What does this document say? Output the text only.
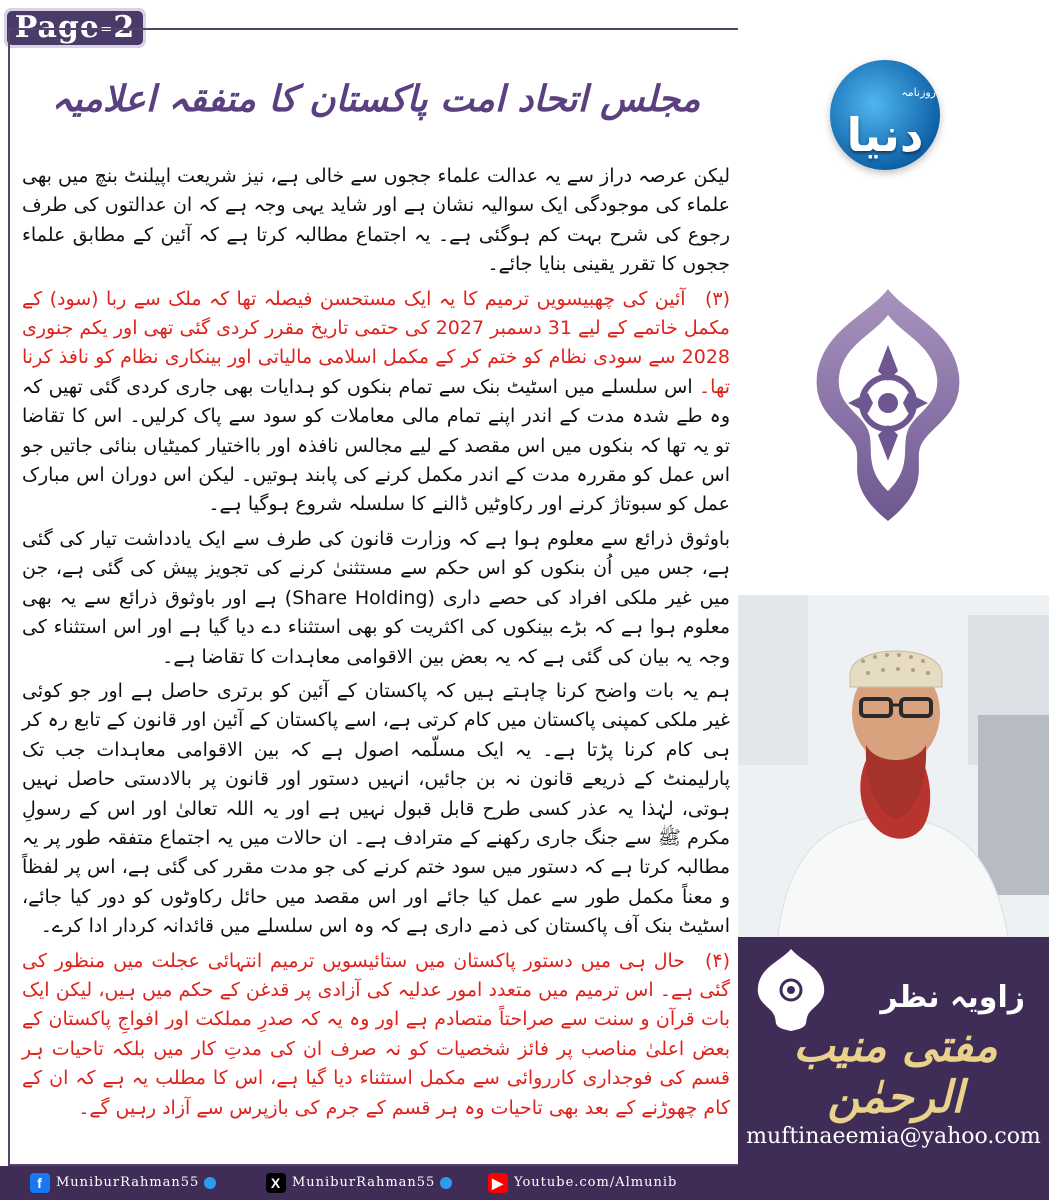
Page-2
مجلس اتحاد امت پاکستان کا متفقہ اعلامیہ

لیکن عرصہ دراز سے یہ عدالت علماء ججوں سے خالی ہے، نیز شریعت اپیلنٹ بنچ میں بھی علماء کی موجودگی ایک سوالیہ نشان ہے اور شاید یہی وجہ ہے کہ ان عدالتوں کی طرف رجوع کی شرح بہت کم ہوگئی ہے۔ یہ اجتماع مطالبہ کرتا ہے کہ آئین کے مطابق علماء ججوں کا تقرر یقینی بنایا جائے۔

(۳) آئین کی چھبیسویں ترمیم کا یہ ایک مستحسن فیصلہ تھا کہ ملک سے ربا (سود) کے مکمل خاتمے کے لیے 31 دسمبر 2027 کی حتمی تاریخ مقرر کردی گئی تھی اور یکم جنوری 2028 سے سودی نظام کو ختم کر کے مکمل اسلامی مالیاتی اور بینکاری نظام کو نافذ کرنا تھا۔ اس سلسلے میں اسٹیٹ بنک سے تمام بنکوں کو ہدایات بھی جاری کردی گئی تھیں کہ وہ طے شدہ مدت کے اندر اپنے تمام مالی معاملات کو سود سے پاک کرلیں۔ اس کا تقاضا تو یہ تھا کہ بنکوں میں اس مقصد کے لیے مجالس نافذہ اور بااختیار کمیٹیاں بنائی جاتیں جو اس عمل کو مقررہ مدت کے اندر مکمل کرنے کی پابند ہوتیں۔ لیکن اس دوران اس مبارک عمل کو سبوتاژ کرنے اور رکاوٹیں ڈالنے کا سلسلہ شروع ہوگیا ہے۔

باوثوق ذرائع سے معلوم ہوا ہے کہ وزارت قانون کی طرف سے ایک یادداشت تیار کی گئی ہے، جس میں اُن بنکوں کو اس حکم سے مستثنیٰ کرنے کی تجویز پیش کی گئی ہے، جن میں غیر ملکی افراد کی حصے داری (Share Holding) ہے اور باوثوق ذرائع سے یہ بھی معلوم ہوا ہے کہ بڑے بینکوں کی اکثریت کو بھی استثناء دے دیا گیا ہے اور اس استثناء کی وجہ یہ بیان کی گئی ہے کہ یہ بعض بین الاقوامی معاہدات کا تقاضا ہے۔

ہم یہ بات واضح کرنا چاہتے ہیں کہ پاکستان کے آئین کو برتری حاصل ہے اور جو کوئی غیر ملکی کمپنی پاکستان میں کام کرتی ہے، اسے پاکستان کے آئین اور قانون کے تابع رہ کر ہی کام کرنا پڑتا ہے۔ یہ ایک مسلّمہ اصول ہے کہ بین الاقوامی معاہدات جب تک پارلیمنٹ کے ذریعے قانون نہ بن جائیں، انہیں دستور اور قانون پر بالادستی حاصل نہیں ہوتی، لہٰذا یہ عذر کسی طرح قابل قبول نہیں ہے اور یہ اللہ تعالیٰ اور اس کے رسولِ مکرم ﷺ سے جنگ جاری رکھنے کے مترادف ہے۔ ان حالات میں یہ اجتماع متفقہ طور پر یہ مطالبہ کرتا ہے کہ دستور میں سود ختم کرنے کی جو مدت مقرر کی گئی ہے، اس پر لفظاً و معناً مکمل طور سے عمل کیا جائے اور اس مقصد میں حائل رکاوٹوں کو دور کیا جائے، اسٹیٹ بنک آف پاکستان کی ذمے داری ہے کہ وہ اس سلسلے میں قائدانہ کردار ادا کرے۔

(۴) حال ہی میں دستور پاکستان میں ستائیسویں ترمیم انتہائی عجلت میں منظور کی گئی ہے۔ اس ترمیم میں متعدد امور عدلیہ کی آزادی پر قدغن کے حکم میں ہیں، لیکن ایک بات قرآن و سنت سے صراحتاً متصادم ہے اور وہ یہ کہ صدرِ مملکت اور افواجِ پاکستان کے بعض اعلیٰ مناصب پر فائز شخصیات کو نہ صرف ان کی مدتِ کار میں بلکہ تاحیات ہر قسم کی فوجداری کارروائی سے مکمل استثناء دیا گیا ہے، اس کا مطلب یہ ہے کہ ان کے کام چھوڑنے کے بعد بھی تاحیات وہ ہر قسم کے جرم کی بازپرس سے آزاد رہیں گے۔

روزنامہ
دنیا
زاویہ نظر
مفتی منیب الرحمٰن
muftinaeemia@yahoo.com
f MuniburRahman55	X MuniburRahman55	▶ Youtube.com/Almunib
